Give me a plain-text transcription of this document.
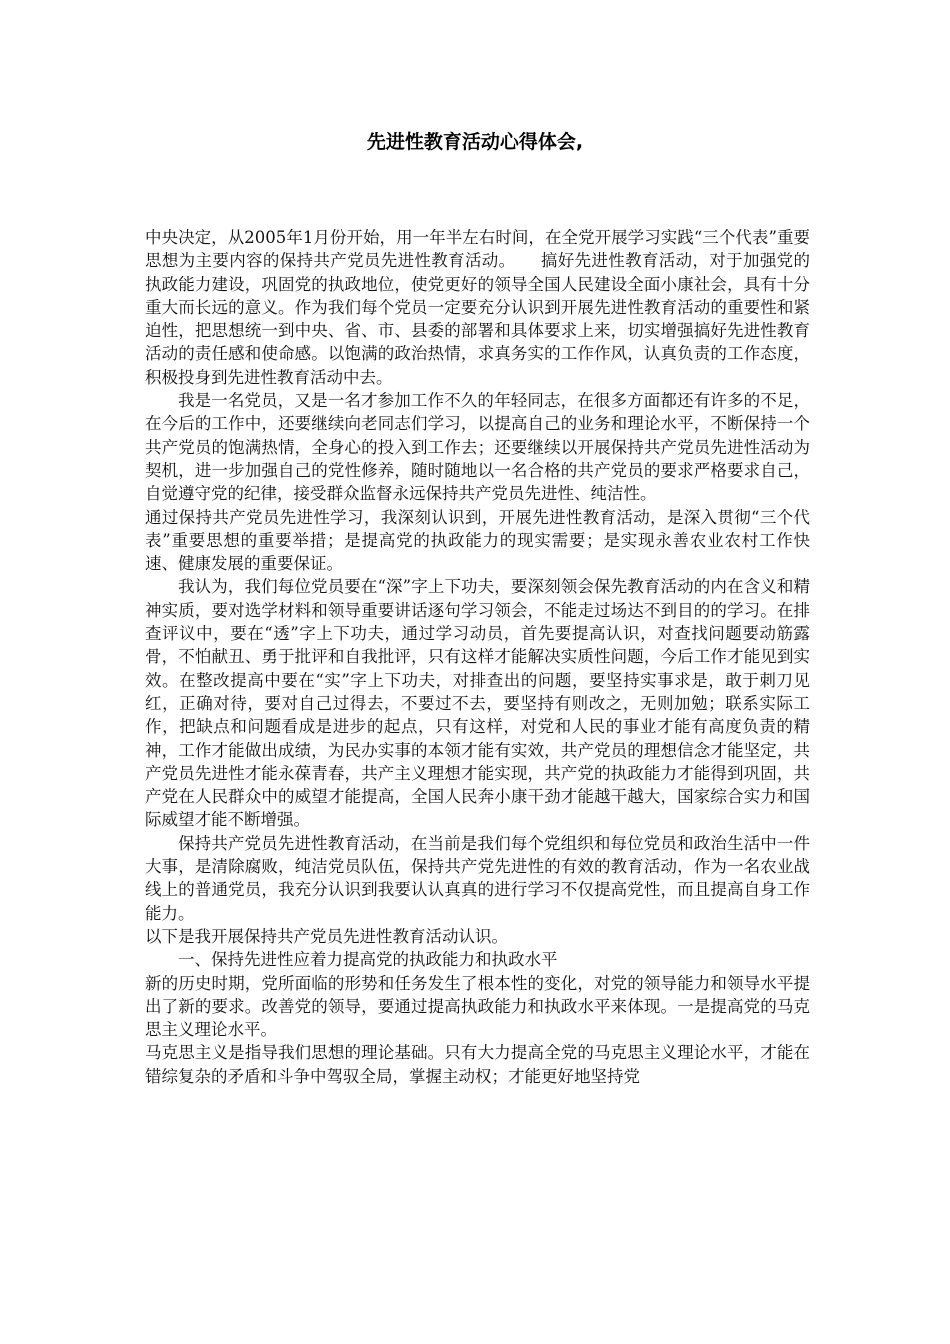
先进性教育活动心得体会,

中央决定，从2005年1月份开始，用一年半左右时间，在全党开展学习实践“三个代表”重要思想为主要内容的保持共产党员先进性教育活动。　　搞好先进性教育活动，对于加强党的执政能力建设，巩固党的执政地位，使党更好的领导全国人民建设全面小康社会，具有十分重大而长远的意义。作为我们每个党员一定要充分认识到开展先进性教育活动的重要性和紧迫性，把思想统一到中央、省、市、县委的部署和具体要求上来，切实增强搞好先进性教育活动的责任感和使命感。以饱满的政治热情，求真务实的工作作风，认真负责的工作态度，积极投身到先进性教育活动中去。

我是一名党员，又是一名才参加工作不久的年轻同志，在很多方面都还有许多的不足，在今后的工作中，还要继续向老同志们学习，以提高自己的业务和理论水平，不断保持一个共产党员的饱满热情，全身心的投入到工作去；还要继续以开展保持共产党员先进性活动为契机，进一步加强自己的党性修养，随时随地以一名合格的共产党员的要求严格要求自己，自觉遵守党的纪律，接受群众监督永远保持共产党员先进性、纯洁性。

通过保持共产党员先进性学习，我深刻认识到，开展先进性教育活动，是深入贯彻“三个代表”重要思想的重要举措；是提高党的执政能力的现实需要；是实现永善农业农村工作快速、健康发展的重要保证。

我认为，我们每位党员要在“深”字上下功夫，要深刻领会保先教育活动的内在含义和精神实质，要对选学材料和领导重要讲话逐句学习领会，不能走过场达不到目的的学习。在排查评议中，要在“透”字上下功夫，通过学习动员，首先要提高认识，对查找问题要动筋露骨，不怕献丑、勇于批评和自我批评，只有这样才能解决实质性问题，今后工作才能见到实效。在整改提高中要在“实”字上下功夫，对排查出的问题，要坚持实事求是，敢于刺刀见红，正确对待，要对自己过得去，不要过不去，要坚持有则改之，无则加勉；联系实际工作，把缺点和问题看成是进步的起点，只有这样，对党和人民的事业才能有高度负责的精神，工作才能做出成绩，为民办实事的本领才能有实效，共产党员的理想信念才能坚定，共产党员先进性才能永葆青春，共产主义理想才能实现，共产党的执政能力才能得到巩固，共产党在人民群众中的威望才能提高，全国人民奔小康干劲才能越干越大，国家综合实力和国际威望才能不断增强。

保持共产党员先进性教育活动，在当前是我们每个党组织和每位党员和政治生活中一件大事，是清除腐败，纯洁党员队伍，保持共产党先进性的有效的教育活动，作为一名农业战线上的普通党员，我充分认识到我要认认真真的进行学习不仅提高党性，而且提高自身工作能力。

以下是我开展保持共产党员先进性教育活动认识。

一、保持先进性应着力提高党的执政能力和执政水平

新的历史时期，党所面临的形势和任务发生了根本性的变化，对党的领导能力和领导水平提出了新的要求。改善党的领导，要通过提高执政能力和执政水平来体现。一是提高党的马克思主义理论水平。

马克思主义是指导我们思想的理论基础。只有大力提高全党的马克思主义理论水平，才能在错综复杂的矛盾和斗争中驾驭全局，掌握主动权；才能更好地坚持党
